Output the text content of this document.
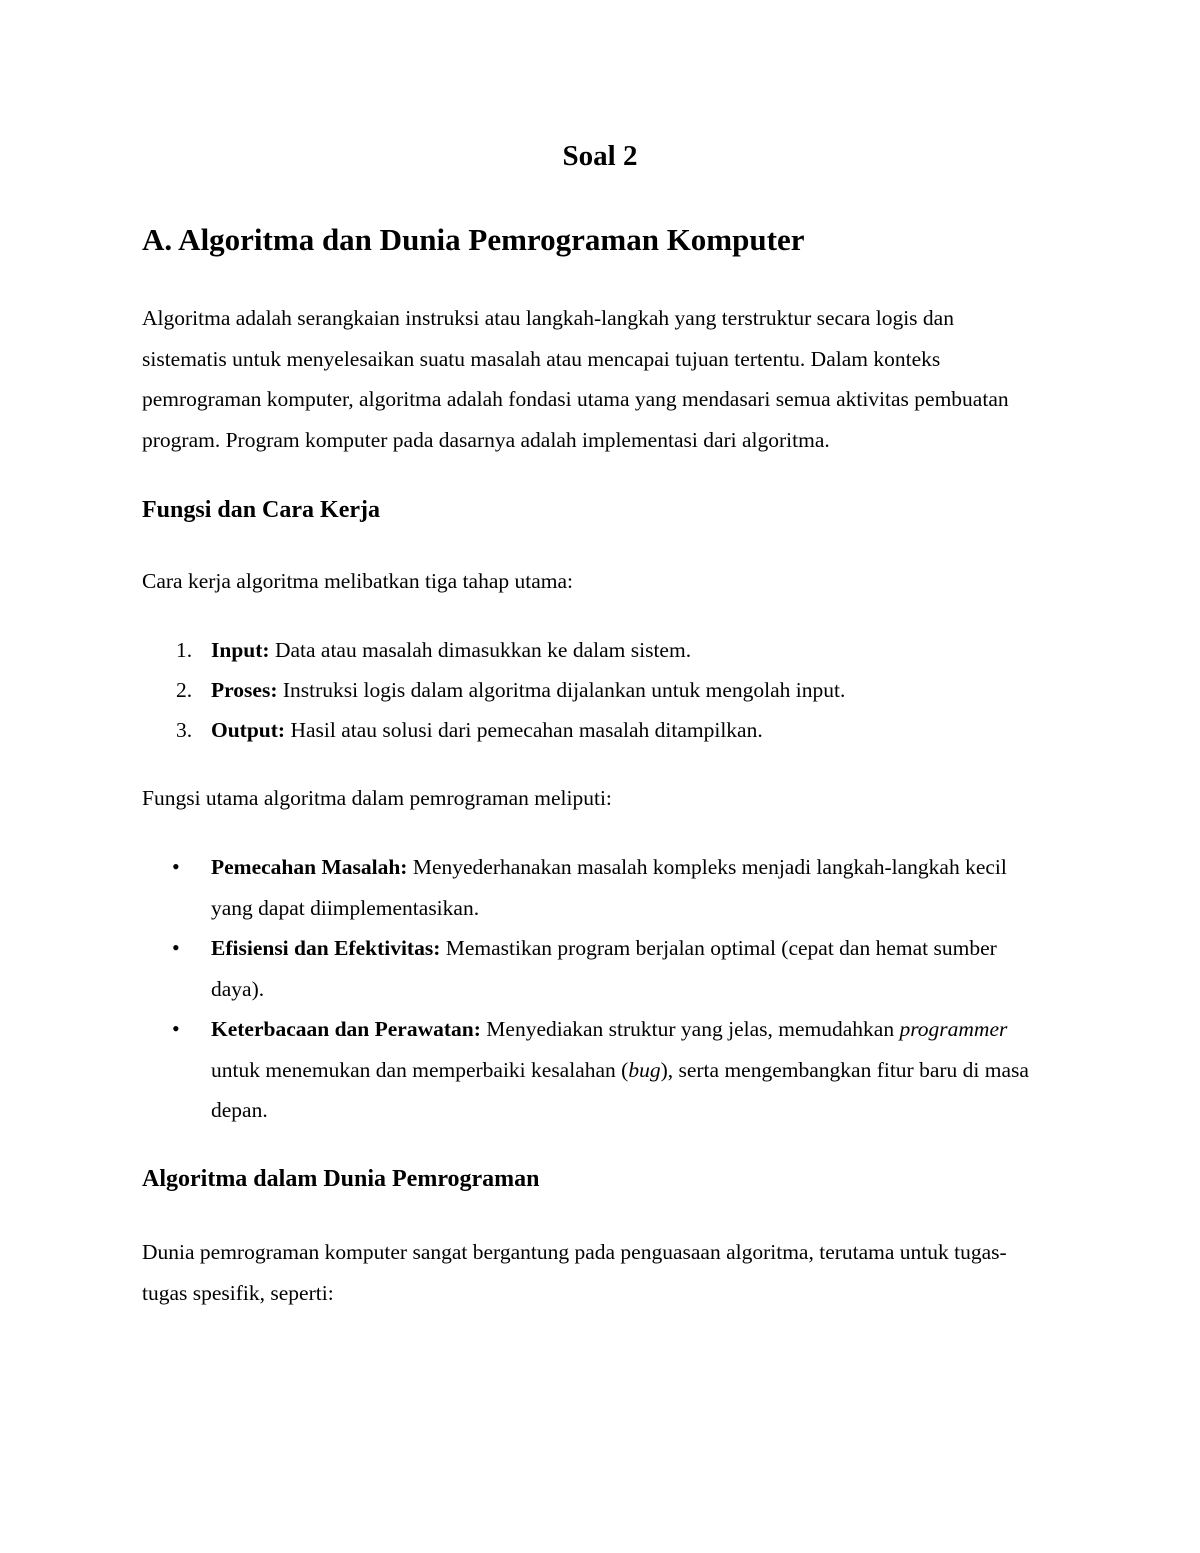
Soal 2
A. Algoritma dan Dunia Pemrograman Komputer

Algoritma adalah serangkaian instruksi atau langkah-langkah yang terstruktur secara logis dan sistematis untuk menyelesaikan suatu masalah atau mencapai tujuan tertentu. Dalam konteks pemrograman komputer, algoritma adalah fondasi utama yang mendasari semua aktivitas pembuatan program. Program komputer pada dasarnya adalah implementasi dari algoritma.

Fungsi dan Cara Kerja

Cara kerja algoritma melibatkan tiga tahap utama:

1. Input: Data atau masalah dimasukkan ke dalam sistem.
2. Proses: Instruksi logis dalam algoritma dijalankan untuk mengolah input.
3. Output: Hasil atau solusi dari pemecahan masalah ditampilkan.

Fungsi utama algoritma dalam pemrograman meliputi:

• Pemecahan Masalah: Menyederhanakan masalah kompleks menjadi langkah-langkah kecil yang dapat diimplementasikan.
• Efisiensi dan Efektivitas: Memastikan program berjalan optimal (cepat dan hemat sumber daya).
• Keterbacaan dan Perawatan: Menyediakan struktur yang jelas, memudahkan programmer untuk menemukan dan memperbaiki kesalahan (bug), serta mengembangkan fitur baru di masa depan.
Algoritma dalam Dunia Pemrograman

Dunia pemrograman komputer sangat bergantung pada penguasaan algoritma, terutama untuk tugas-tugas spesifik, seperti:
